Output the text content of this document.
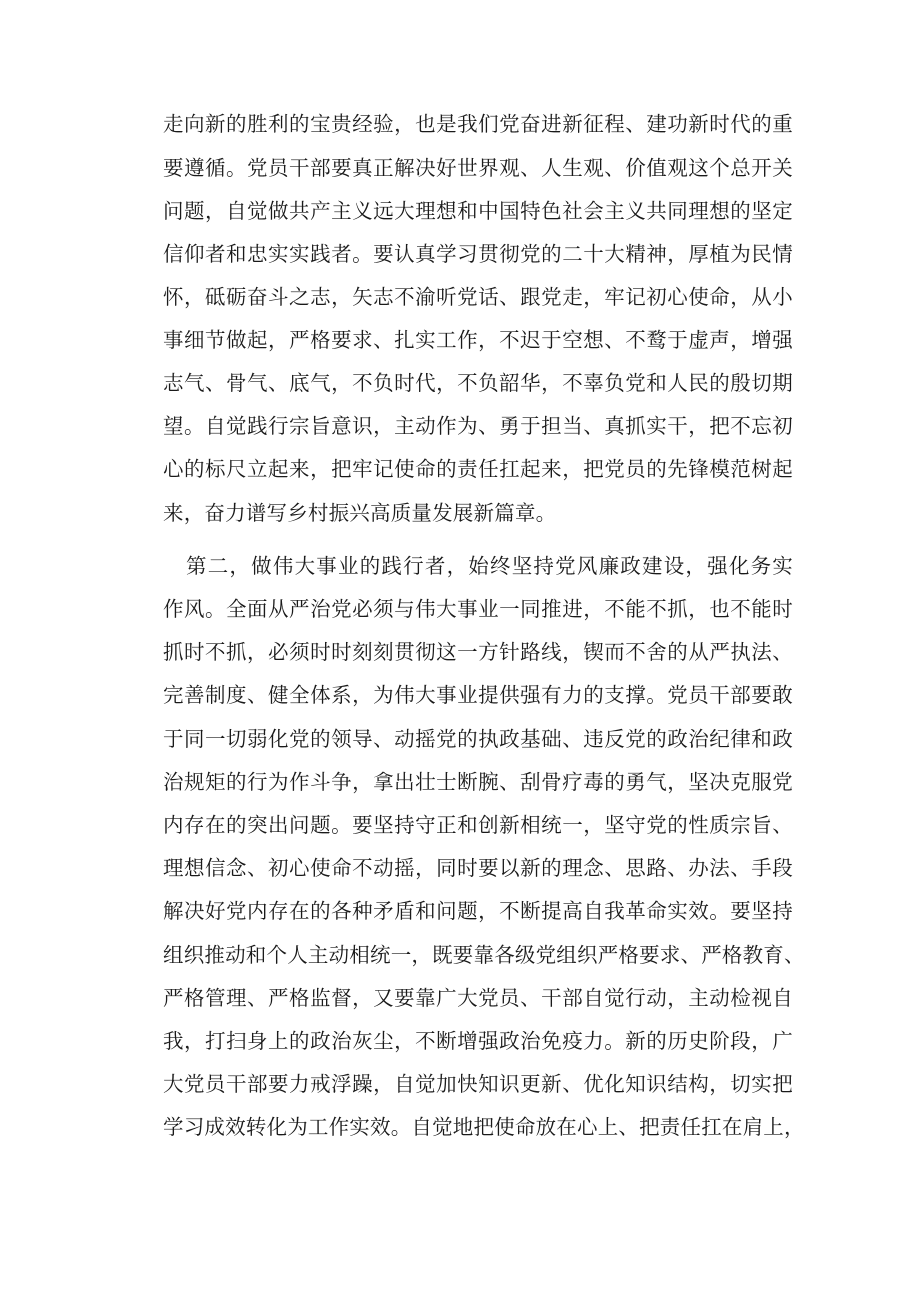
走向新的胜利的宝贵经验，也是我们党奋进新征程、建功新时代的重
要遵循。党员干部要真正解决好世界观、人生观、价值观这个总开关
问题，自觉做共产主义远大理想和中国特色社会主义共同理想的坚定
信仰者和忠实实践者。要认真学习贯彻党的二十大精神，厚植为民情
怀，砥砺奋斗之志，矢志不渝听党话、跟党走，牢记初心使命，从小
事细节做起，严格要求、扎实工作，不迟于空想、不鹜于虚声，增强
志气、骨气、底气，不负时代，不负韶华，不辜负党和人民的殷切期
望。自觉践行宗旨意识，主动作为、勇于担当、真抓实干，把不忘初
心的标尺立起来，把牢记使命的责任扛起来，把党员的先锋模范树起
来，奋力谱写乡村振兴高质量发展新篇章。
第二，做伟大事业的践行者，始终坚持党风廉政建设，强化务实
作风。全面从严治党必须与伟大事业一同推进，不能不抓，也不能时
抓时不抓，必须时时刻刻贯彻这一方针路线，锲而不舍的从严执法、
完善制度、健全体系，为伟大事业提供强有力的支撑。党员干部要敢
于同一切弱化党的领导、动摇党的执政基础、违反党的政治纪律和政
治规矩的行为作斗争，拿出壮士断腕、刮骨疗毒的勇气，坚决克服党
内存在的突出问题。要坚持守正和创新相统一，坚守党的性质宗旨、
理想信念、初心使命不动摇，同时要以新的理念、思路、办法、手段
解决好党内存在的各种矛盾和问题，不断提高自我革命实效。要坚持
组织推动和个人主动相统一，既要靠各级党组织严格要求、严格教育、
严格管理、严格监督，又要靠广大党员、干部自觉行动，主动检视自
我，打扫身上的政治灰尘，不断增强政治免疫力。新的历史阶段，广
大党员干部要力戒浮躁，自觉加快知识更新、优化知识结构，切实把
学习成效转化为工作实效。自觉地把使命放在心上、把责任扛在肩上，
